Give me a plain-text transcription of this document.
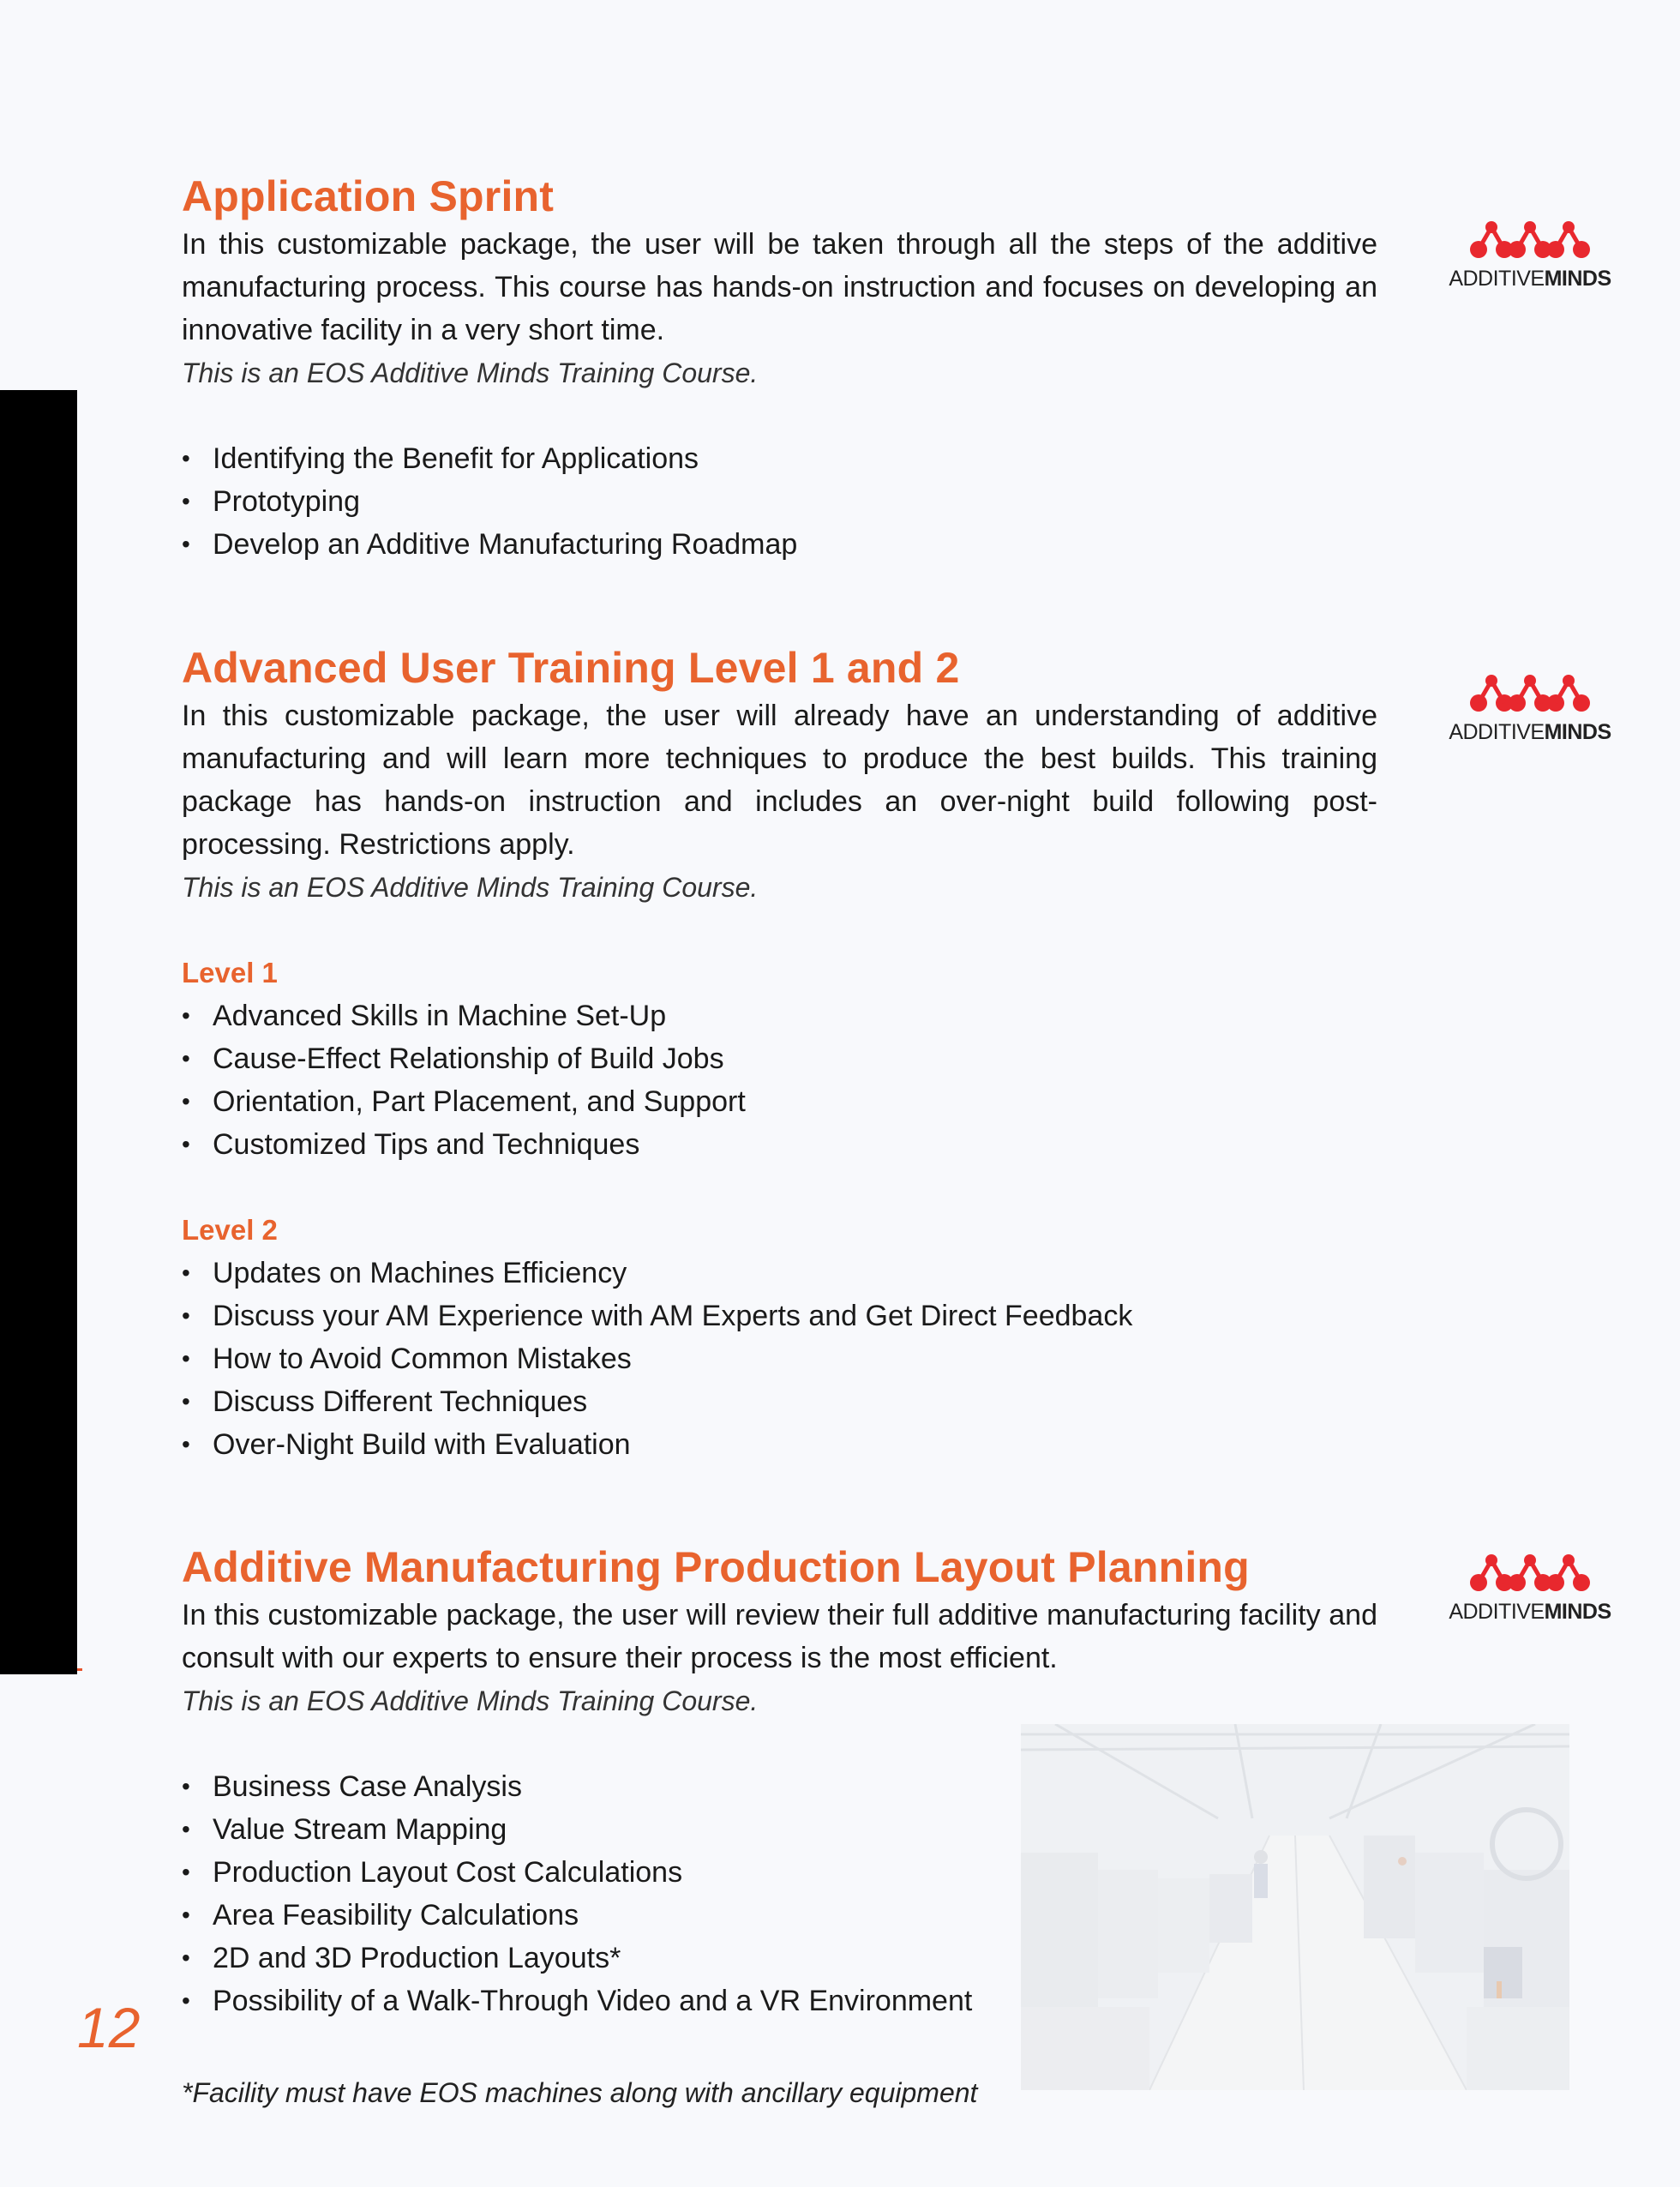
Application Sprint

In this customizable package, the user will be taken through all the steps of the additive manufacturing process. This course has hands-on instruction and focuses on developing an innovative facility in a very short time.

This is an EOS Additive Minds Training Course.

• Identifying the Benefit for Applications
• Prototyping
• Develop an Additive Manufacturing Roadmap
Advanced User Training Level 1 and 2

In this customizable package, the user will already have an understanding of additive manufacturing and will learn more techniques to produce the best builds. This training package has hands-on instruction and includes an over-night build following post-processing. Restrictions apply.

This is an EOS Additive Minds Training Course.

Level 1

• Advanced Skills in Machine Set-Up
• Cause-Effect Relationship of Build Jobs
• Orientation, Part Placement, and Support
• Customized Tips and Techniques

Level 2

• Updates on Machines Efficiency
• Discuss your AM Experience with AM Experts and Get Direct Feedback
• How to Avoid Common Mistakes
• Discuss Different Techniques
• Over-Night Build with Evaluation
Additive Manufacturing Production Layout Planning

In this customizable package, the user will review their full additive manufacturing facility and consult with our experts to ensure their process is the most efficient.

This is an EOS Additive Minds Training Course.

• Business Case Analysis
• Value Stream Mapping
• Production Layout Cost Calculations
• Area Feasibility Calculations
• 2D and 3D Production Layouts*
• Possibility of a Walk-Through Video and a VR Environment
ADDITIVEMINDS
ADDITIVEMINDS
ADDITIVEMINDS
12
*Facility must have EOS machines along with ancillary equipment
